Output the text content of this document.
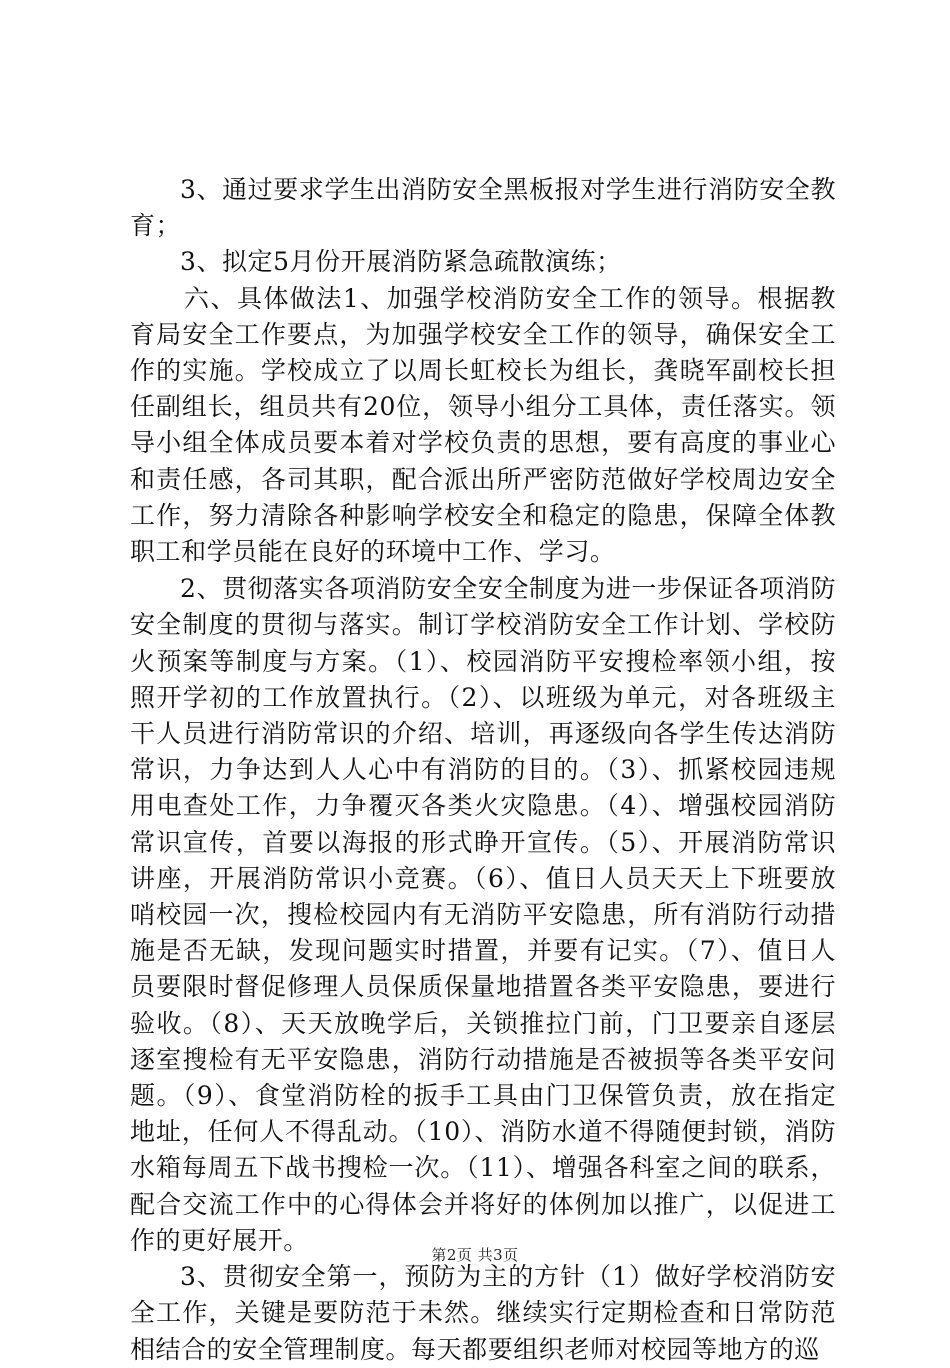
3、通过要求学生出消防安全黑板报对学生进行消防安全教育；

3、拟定5月份开展消防紧急疏散演练；

六、具体做法1、加强学校消防安全工作的领导。根据教育局安全工作要点，为加强学校安全工作的领导，确保安全工作的实施。学校成立了以周长虹校长为组长，龚晓军副校长担任副组长，组员共有20位，领导小组分工具体，责任落实。领导小组全体成员要本着对学校负责的思想，要有高度的事业心和责任感，各司其职，配合派出所严密防范做好学校周边安全工作，努力清除各种影响学校安全和稳定的隐患，保障全体教职工和学员能在良好的环境中工作、学习。

2、贯彻落实各项消防安全安全制度为进一步保证各项消防安全制度的贯彻与落实。制订学校消防安全工作计划、学校防火预案等制度与方案。（1）、校园消防平安搜检率领小组，按照开学初的工作放置执行。（2）、以班级为单元，对各班级主干人员进行消防常识的介绍、培训，再逐级向各学生传达消防常识，力争达到人人心中有消防的目的。（3）、抓紧校园违规用电查处工作，力争覆灭各类火灾隐患。（4）、增强校园消防常识宣传，首要以海报的形式睁开宣传。（5）、开展消防常识讲座，开展消防常识小竞赛。（6）、值日人员天天上下班要放哨校园一次，搜检校园内有无消防平安隐患，所有消防行动措施是否无缺，发现问题实时措置，并要有记实。（7）、值日人员要限时督促修理人员保质保量地措置各类平安隐患，要进行验收。（8）、天天放晚学后，关锁推拉门前，门卫要亲自逐层逐室搜检有无平安隐患，消防行动措施是否被损等各类平安问题。（9）、食堂消防栓的扳手工具由门卫保管负责，放在指定地址，任何人不得乱动。（10）、消防水道不得随便封锁，消防水箱每周五下战书搜检一次。（11）、增强各科室之间的联系，配合交流工作中的心得体会并将好的体例加以推广，以促进工作的更好展开。

3、贯彻安全第一，预防为主的方针（1）做好学校消防安全工作，关键是要防范于未然。继续实行定期检查和日常防范相结合的安全管理制度。每天都要组织老师对校园等地方的巡

第2页 共3页
